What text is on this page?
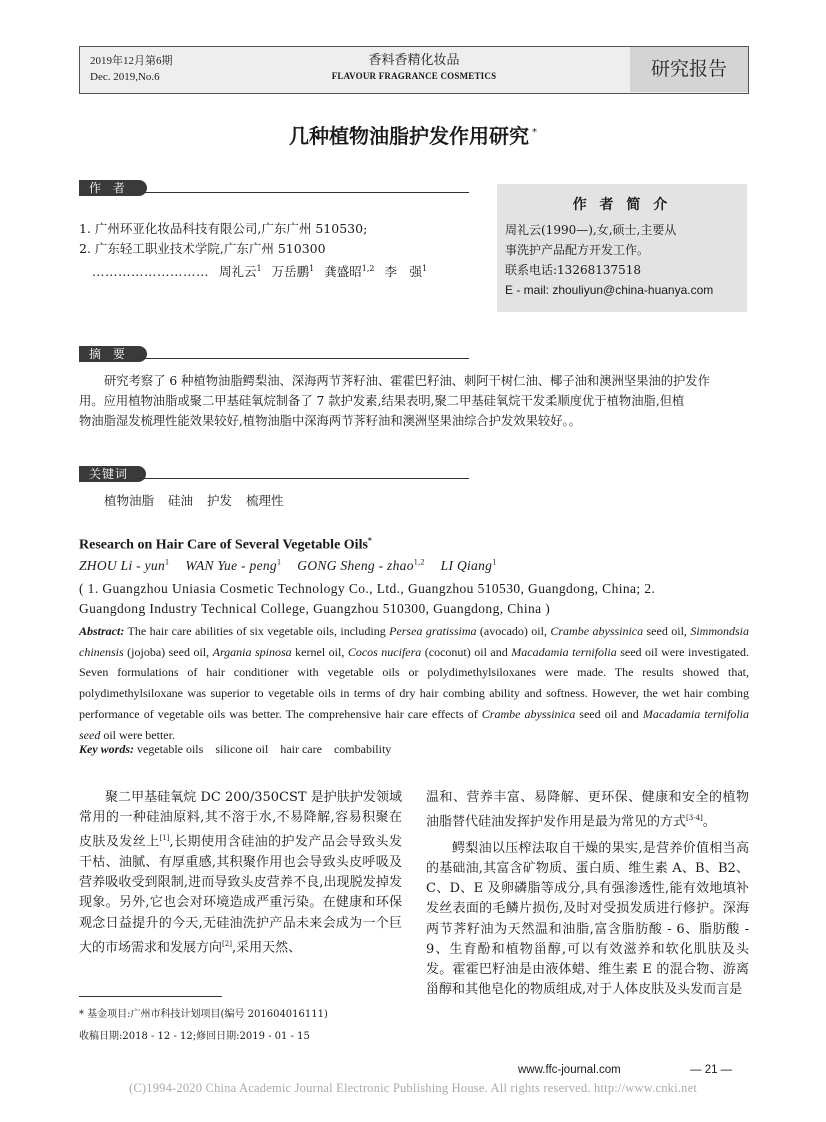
2019年12月第6期
Dec. 2019,No.6
香料香精化妆品
FLAVOUR FRAGRANCE COSMETICS	研究报告
几种植物油脂护发作用研究 *
作 者
1. 广州环亚化妆品科技有限公司,广东广州 510530;
2. 广东轻工职业技术学院,广东广州 510300
……………………… 周礼云$^1$ 万岳鹏$^1$ 龚盛昭$^{1,2}$ 李　强$^1$
作 者 简 介
周礼云(1990—),女,硕士,主要从
事洗护产品配方开发工作。
联系电话:13268137518
E - mail: zhouliyun@china-huanya.com
摘 要
研究考察了 6 种植物油脂鳄梨油、深海两节荠籽油、霍霍巴籽油、刺阿干树仁油、椰子油和澳洲坚果油的护发作
用。应用植物油脂或聚二甲基硅氧烷制备了 7 款护发素,结果表明,聚二甲基硅氧烷干发柔顺度优于植物油脂,但植
物油脂湿发梳理性能效果较好,植物油脂中深海两节荠籽油和澳洲坚果油综合护发效果较好。。
关键词
植物油脂 硅油 护发 梳理性
Research on Hair Care of Several Vegetable Oils*
ZHOU Li - yun$^1$ WAN Yue - peng$^1$ GONG Sheng - zhao$^{1,2}$ LI Qiang$^1$
( 1. Guangzhou Uniasia Cosmetic Technology Co., Ltd., Guangzhou 510530, Guangdong, China; 2.
Guangdong Industry Technical College, Guangzhou 510300, Guangdong, China )
Abstract: The hair care abilities of six vegetable oils, including Persea gratissima (avocado) oil, Crambe abyssinica seed oil, Simmondsia chinensis (jojoba) seed oil, Argania spinosa kernel oil, Cocos nucifera (coconut) oil and Macadamia ternifolia seed oil were investigated. Seven formulations of hair conditioner with vegetable oils or polydimethylsiloxanes were made. The results showed that, polydimethylsiloxane was superior to vegetable oils in terms of dry hair combing ability and softness. However, the wet hair combing performance of vegetable oils was better. The comprehensive hair care effects of Crambe abyssinica seed oil and Macadamia ternifolia seed oil were better.
Key words: vegetable oils silicone oil hair care combability

聚二甲基硅氧烷 DC 200/350CST 是护肤护发领域常用的一种硅油原料,其不溶于水,不易降解,容易积聚在皮肤及发丝上[1],长期使用含硅油的护发产品会导致头发干枯、油腻、有厚重感,其积聚作用也会导致头皮呼吸及营养吸收受到限制,进而导致头皮营养不良,出现脱发掉发现象。另外,它也会对环境造成严重污染。在健康和环保观念日益提升的今天,无硅油洗护产品未来会成为一个巨大的市场需求和发展方向[2],采用天然、

温和、营养丰富、易降解、更环保、健康和安全的植物油脂替代硅油发挥护发作用是最为常见的方式[3-4]。

鳄梨油以压榨法取自干燥的果实,是营养价值相当高的基础油,其富含矿物质、蛋白质、维生素 A、B、B2、C、D、E 及卵磷脂等成分,具有强渗透性,能有效地填补发丝表面的毛鳞片损伤,及时对受损发质进行修护。深海两节荠籽油为天然温和油脂,富含脂肪酸 - 6、脂肪酸 - 9、生育酚和植物甾醇,可以有效滋养和软化肌肤及头发。霍霍巴籽油是由液体蜡、维生素 E 的混合物、游离甾醇和其他皂化的物质组成,对于人体皮肤及头发而言是

* 基金项目:广州市科技计划项目(编号 201604016111)
收稿日期:2018 - 12 - 12;修回日期:2019 - 01 - 15
www.ffc-journal.com	— 21 —
(C)1994-2020 China Academic Journal Electronic Publishing House. All rights reserved. http://www.cnki.net
